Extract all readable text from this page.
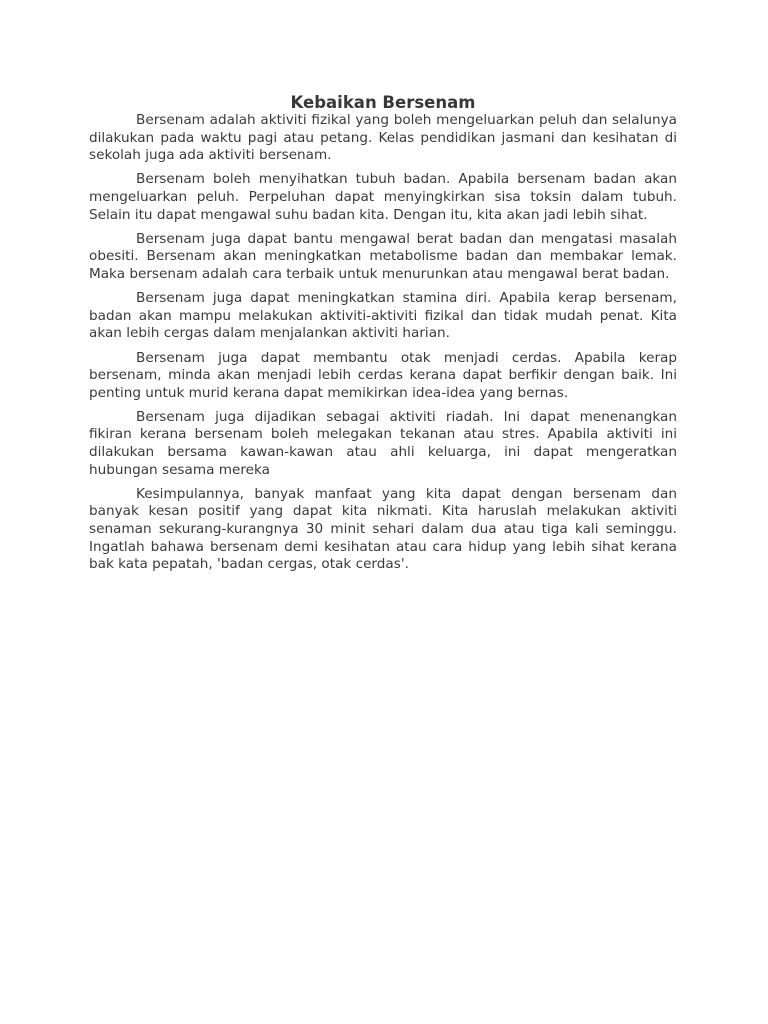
Kebaikan Bersenam

Bersenam adalah aktiviti fizikal yang boleh mengeluarkan peluh dan selalunya dilakukan pada waktu pagi atau petang. Kelas pendidikan jasmani dan kesihatan di sekolah juga ada aktiviti bersenam.

Bersenam boleh menyihatkan tubuh badan. Apabila bersenam badan akan mengeluarkan peluh. Perpeluhan dapat menyingkirkan sisa toksin dalam tubuh. Selain itu dapat mengawal suhu badan kita. Dengan itu, kita akan jadi lebih sihat.

Bersenam juga dapat bantu mengawal berat badan dan mengatasi masalah obesiti. Bersenam akan meningkatkan metabolisme badan dan membakar lemak. Maka bersenam adalah cara terbaik untuk menurunkan atau mengawal berat badan.

Bersenam juga dapat meningkatkan stamina diri. Apabila kerap bersenam, badan akan mampu melakukan aktiviti-aktiviti fizikal dan tidak mudah penat. Kita akan lebih cergas dalam menjalankan aktiviti harian.

Bersenam juga dapat membantu otak menjadi cerdas. Apabila kerap bersenam, minda akan menjadi lebih cerdas kerana dapat berfikir dengan baik. Ini penting untuk murid kerana dapat memikirkan idea-idea yang bernas.

Bersenam juga dijadikan sebagai aktiviti riadah. Ini dapat menenangkan fikiran kerana bersenam boleh melegakan tekanan atau stres. Apabila aktiviti ini dilakukan bersama kawan-kawan atau ahli keluarga, ini dapat mengeratkan hubungan sesama mereka

Kesimpulannya, banyak manfaat yang kita dapat dengan bersenam dan banyak kesan positif yang dapat kita nikmati. Kita haruslah melakukan aktiviti senaman sekurang-kurangnya 30 minit sehari dalam dua atau tiga kali seminggu. Ingatlah bahawa bersenam demi kesihatan atau cara hidup yang lebih sihat kerana bak kata pepatah, 'badan cergas, otak cerdas'.
